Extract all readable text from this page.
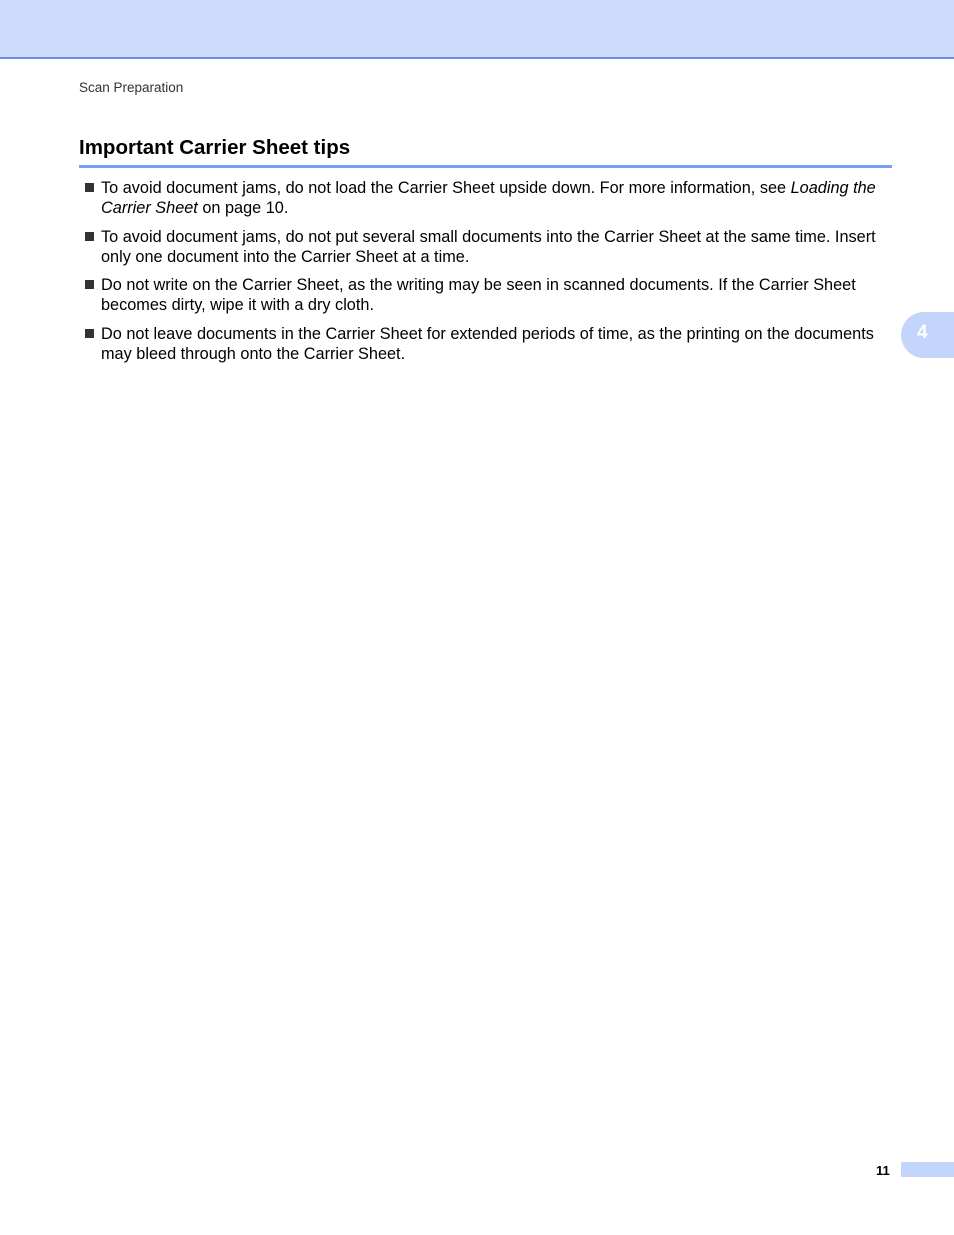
Scan Preparation
Important Carrier Sheet tips
To avoid document jams, do not load the Carrier Sheet upside down. For more information, see Loading the Carrier Sheet on page 10.
To avoid document jams, do not put several small documents into the Carrier Sheet at the same time. Insert only one document into the Carrier Sheet at a time.
Do not write on the Carrier Sheet, as the writing may be seen in scanned documents. If the Carrier Sheet becomes dirty, wipe it with a dry cloth.
Do not leave documents in the Carrier Sheet for extended periods of time, as the printing on the documents may bleed through onto the Carrier Sheet.
4
11
